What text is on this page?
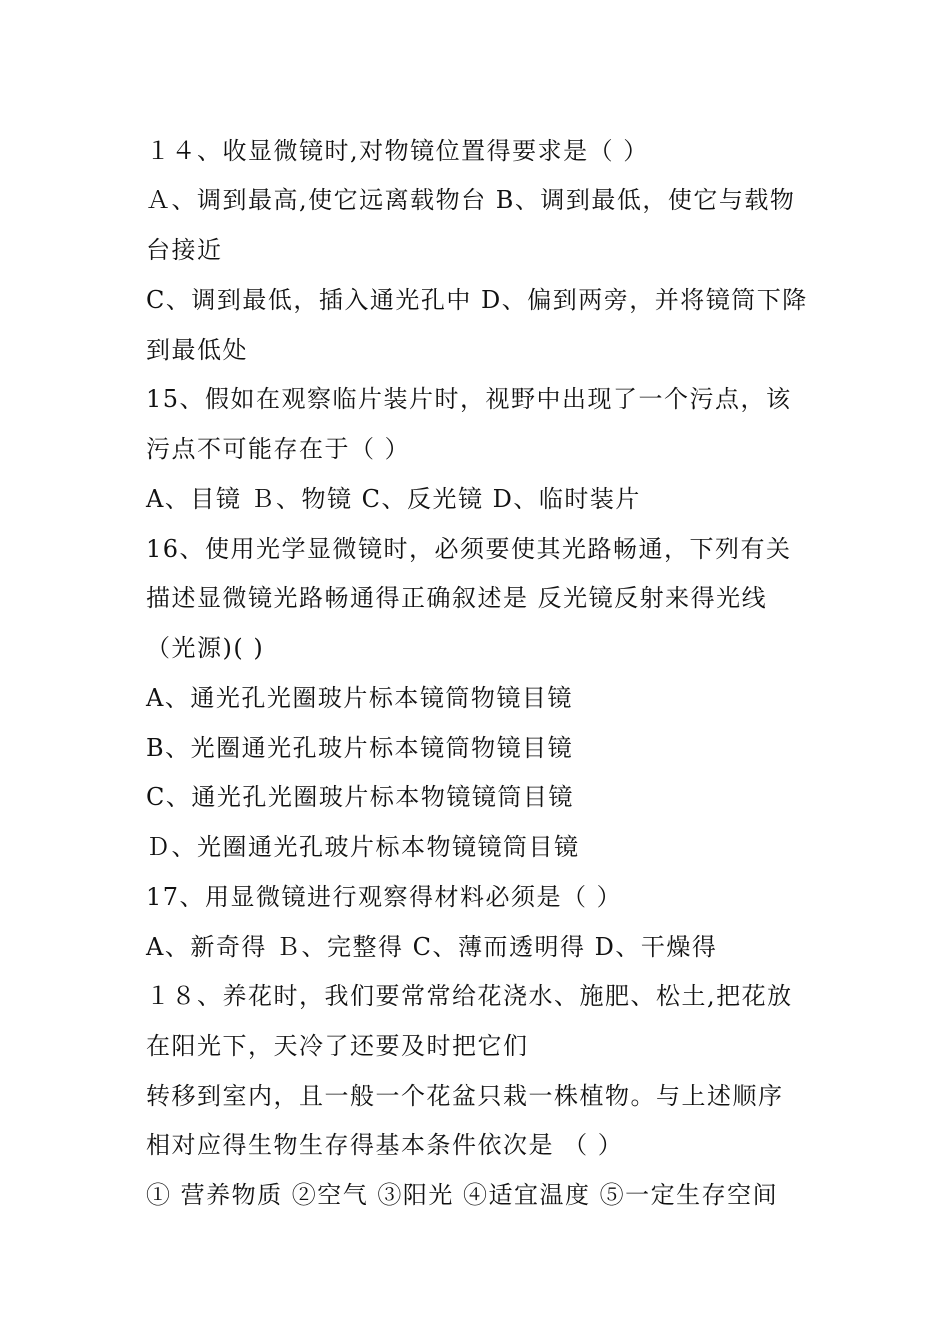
１４、收显微镜时,对物镜位置得要求是（ ）
Ａ、调到最高,使它远离载物台 B、调到最低，使它与载物
台接近
C、调到最低，插入通光孔中 D、偏到两旁，并将镜筒下降
到最低处
15、假如在观察临片装片时，视野中出现了一个污点，该
污点不可能存在于（ ）
A、目镜 Ｂ、物镜 C、反光镜 D、临时装片
16、使用光学显微镜时，必须要使其光路畅通，下列有关
描述显微镜光路畅通得正确叙述是 反光镜反射来得光线
（光源)( )
A、通光孔光圈玻片标本镜筒物镜目镜
B、光圈通光孔玻片标本镜筒物镜目镜
C、通光孔光圈玻片标本物镜镜筒目镜
Ｄ、光圈通光孔玻片标本物镜镜筒目镜
17、用显微镜进行观察得材料必须是（ ）
A、新奇得 Ｂ、完整得 C、薄而透明得 D、干燥得
１８、养花时，我们要常常给花浇水、施肥、松土,把花放
在阳光下，天冷了还要及时把它们
转移到室内，且一般一个花盆只栽一株植物。与上述顺序
相对应得生物生存得基本条件依次是 （ ）
① 营养物质 ②空气 ③阳光 ④适宜温度 ⑤一定生存空间
